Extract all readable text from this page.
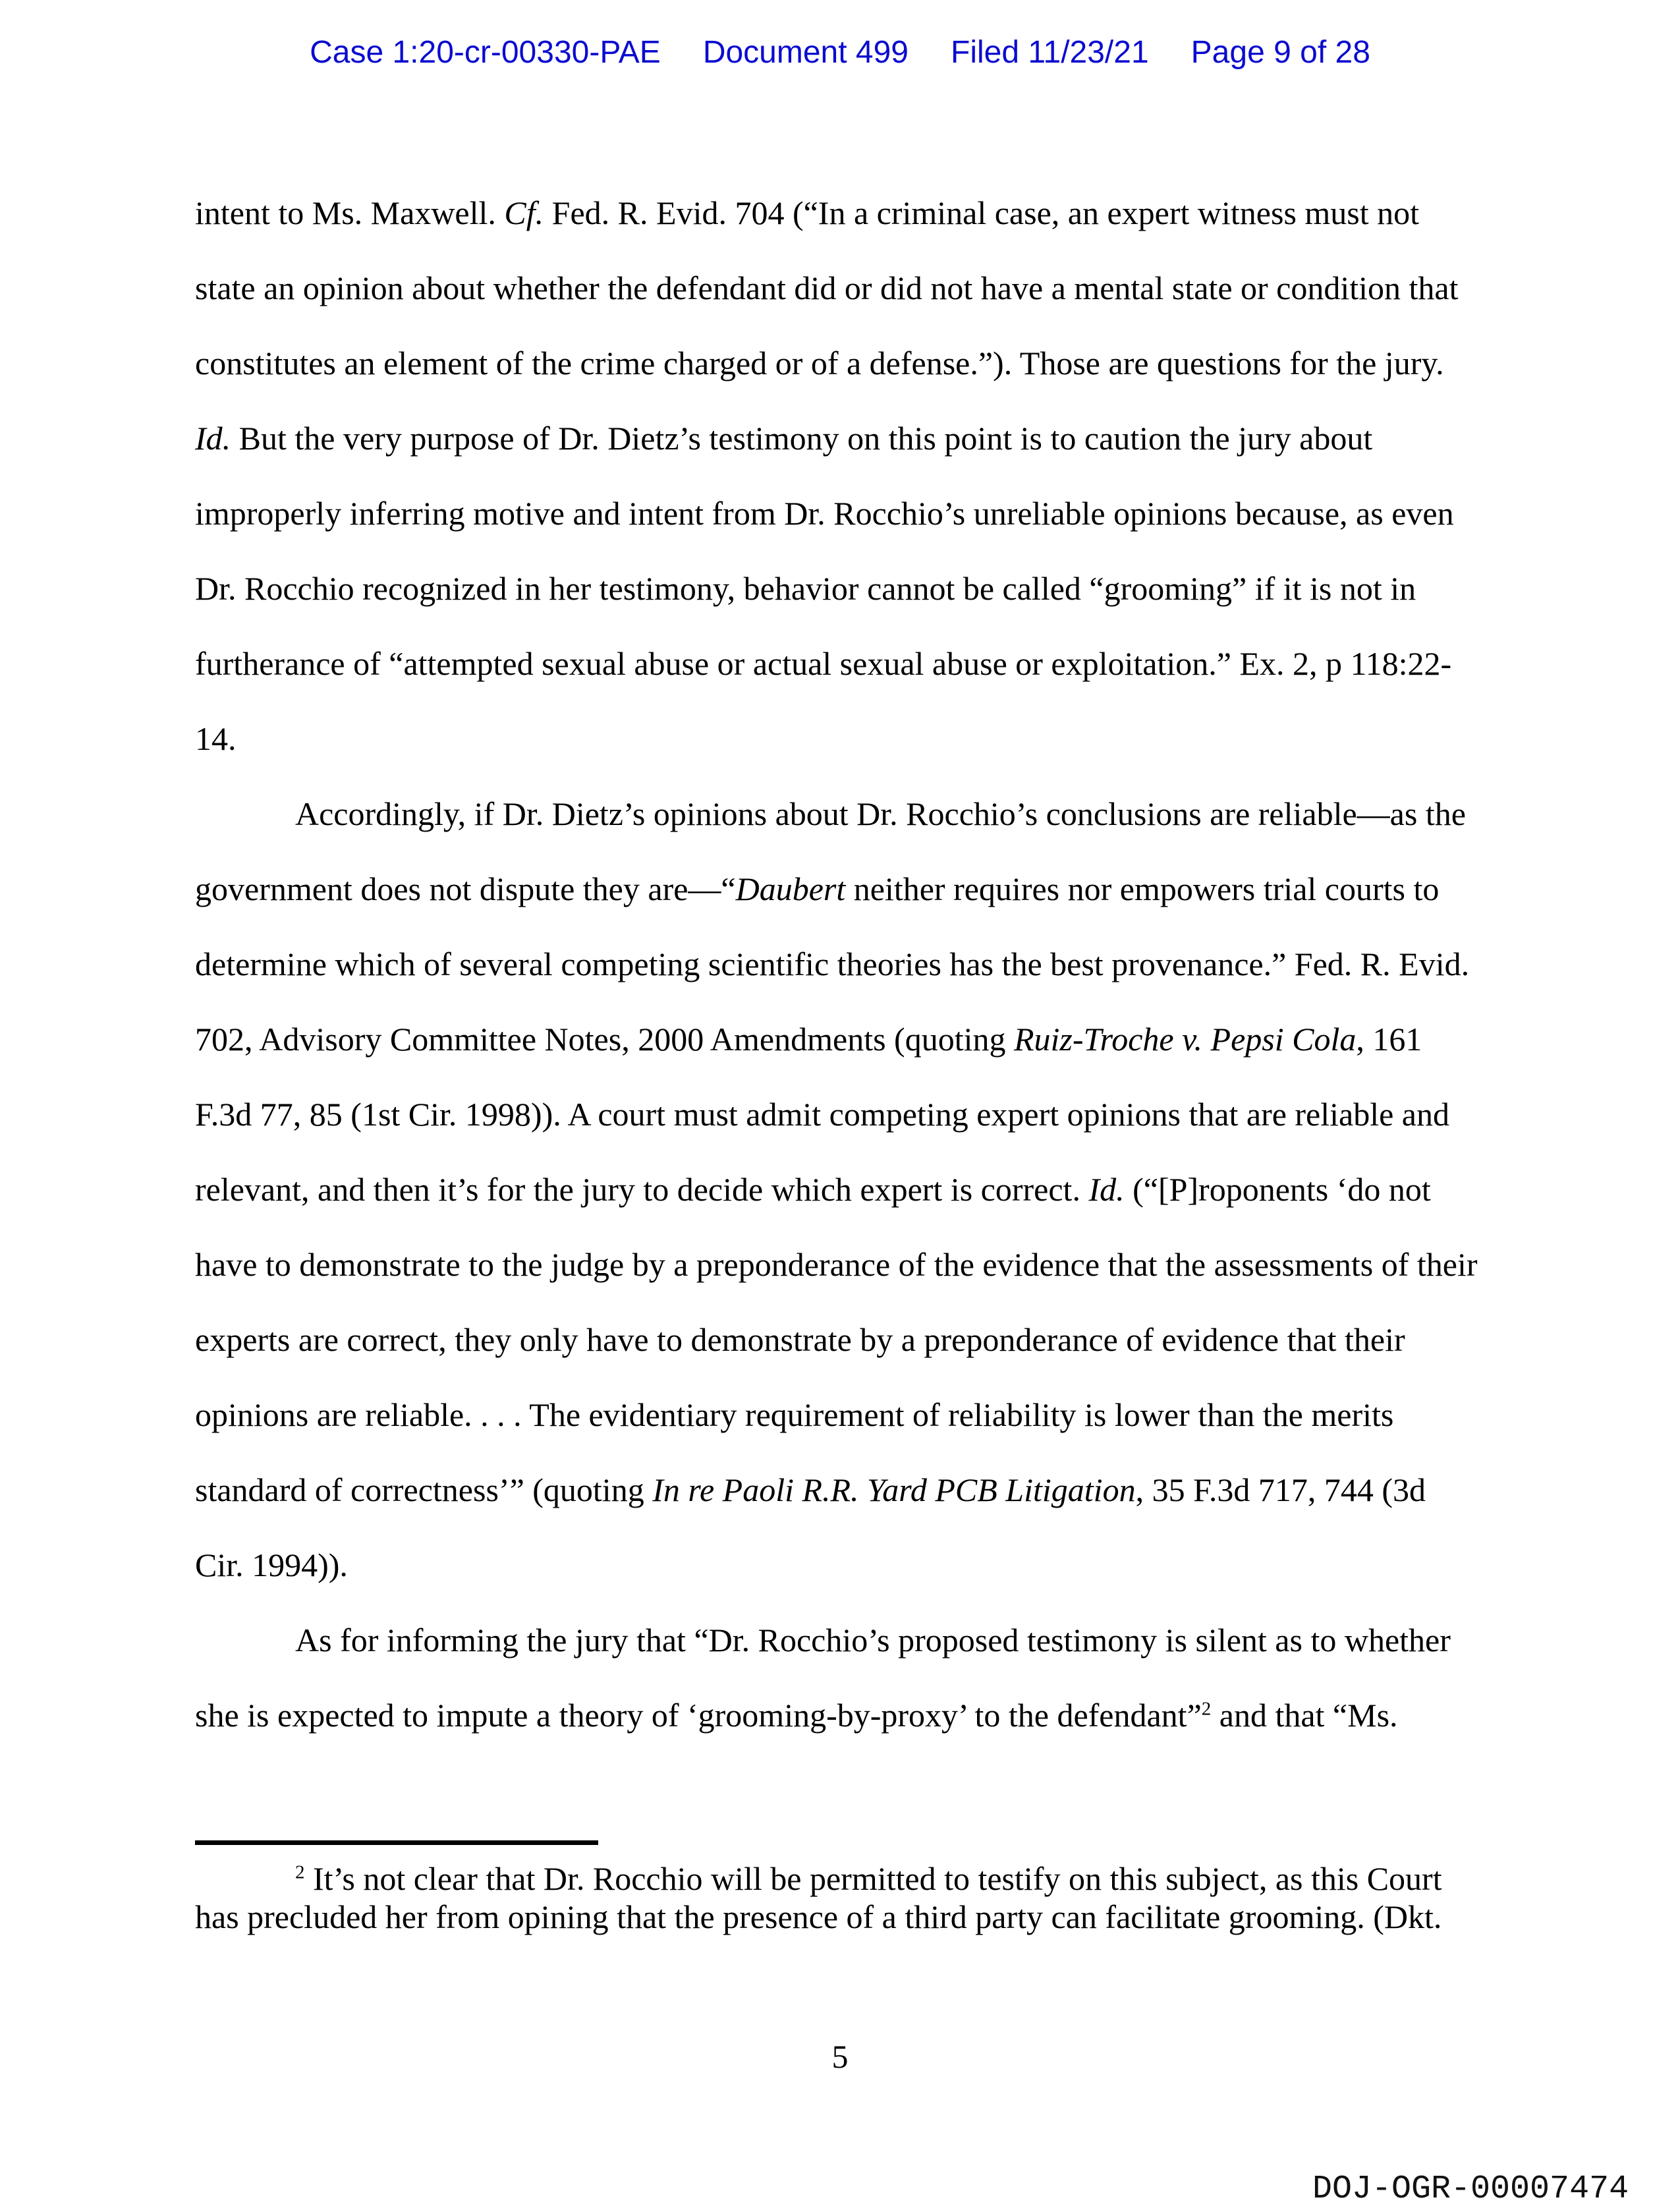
Case 1:20-cr-00330-PAE Document 499 Filed 11/23/21 Page 9 of 28
intent to Ms. Maxwell. Cf. Fed. R. Evid. 704 (“In a criminal case, an expert witness must not
state an opinion about whether the defendant did or did not have a mental state or condition that
constitutes an element of the crime charged or of a defense.”). Those are questions for the jury.
Id. But the very purpose of Dr. Dietz’s testimony on this point is to caution the jury about
improperly inferring motive and intent from Dr. Rocchio’s unreliable opinions because, as even
Dr. Rocchio recognized in her testimony, behavior cannot be called “grooming” if it is not in
furtherance of “attempted sexual abuse or actual sexual abuse or exploitation.” Ex. 2, p 118:22-
14.
Accordingly, if Dr. Dietz’s opinions about Dr. Rocchio’s conclusions are reliable—as the
government does not dispute they are—“Daubert neither requires nor empowers trial courts to
determine which of several competing scientific theories has the best provenance.” Fed. R. Evid.
702, Advisory Committee Notes, 2000 Amendments (quoting Ruiz-Troche v. Pepsi Cola, 161
F.3d 77, 85 (1st Cir. 1998)). A court must admit competing expert opinions that are reliable and
relevant, and then it’s for the jury to decide which expert is correct. Id. (“[P]roponents ‘do not
have to demonstrate to the judge by a preponderance of the evidence that the assessments of their
experts are correct, they only have to demonstrate by a preponderance of evidence that their
opinions are reliable. . . . The evidentiary requirement of reliability is lower than the merits
standard of correctness’” (quoting In re Paoli R.R. Yard PCB Litigation, 35 F.3d 717, 744 (3d
Cir. 1994)).
As for informing the jury that “Dr. Rocchio’s proposed testimony is silent as to whether
she is expected to impute a theory of ‘grooming-by-proxy’ to the defendant”$^2$ and that “Ms.
$^2$ It’s not clear that Dr. Rocchio will be permitted to testify on this subject, as this Court
has precluded her from opining that the presence of a third party can facilitate grooming. (Dkt.
5
DOJ-OGR-00007474
